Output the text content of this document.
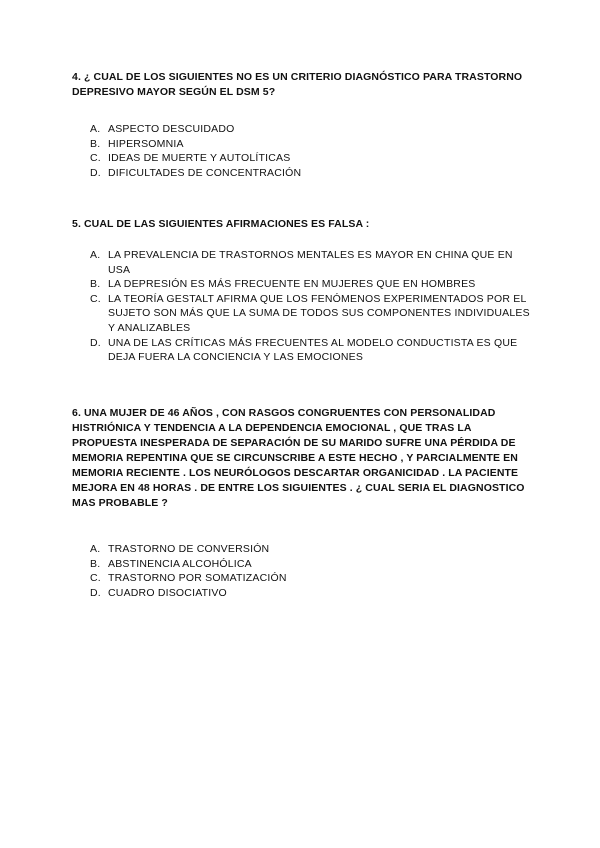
4. ¿ CUAL DE LOS SIGUIENTES NO ES UN CRITERIO DIAGNÓSTICO PARA TRASTORNO DEPRESIVO MAYOR SEGÚN EL DSM 5?

A. ASPECTO DESCUIDADO
B. HIPERSOMNIA
C. IDEAS DE MUERTE Y AUTOLÍTICAS
D. DIFICULTADES DE CONCENTRACIÓN

5. CUAL DE LAS SIGUIENTES AFIRMACIONES ES FALSA :

A. LA PREVALENCIA DE TRASTORNOS MENTALES ES MAYOR EN CHINA QUE EN USA
B. LA DEPRESIÓN ES MÁS FRECUENTE EN MUJERES QUE EN HOMBRES
C. LA TEORÍA GESTALT AFIRMA QUE LOS FENÓMENOS EXPERIMENTADOS POR EL SUJETO SON MÁS QUE LA SUMA DE TODOS SUS COMPONENTES INDIVIDUALES Y ANALIZABLES
D. UNA DE LAS CRÍTICAS MÁS FRECUENTES AL MODELO CONDUCTISTA ES QUE DEJA FUERA LA CONCIENCIA Y LAS EMOCIONES

6. UNA MUJER DE 46 AÑOS , CON RASGOS CONGRUENTES CON PERSONALIDAD HISTRIÓNICA Y TENDENCIA A LA DEPENDENCIA EMOCIONAL , QUE TRAS LA PROPUESTA INESPERADA DE SEPARACIÓN DE SU MARIDO SUFRE UNA PÉRDIDA DE MEMORIA REPENTINA QUE SE CIRCUNSCRIBE A ESTE HECHO , Y PARCIALMENTE EN MEMORIA RECIENTE . LOS NEURÓLOGOS DESCARTAR ORGANICIDAD . LA PACIENTE MEJORA EN 48 HORAS . DE ENTRE LOS SIGUIENTES . ¿ CUAL SERIA EL DIAGNOSTICO MAS PROBABLE ?

A. TRASTORNO DE CONVERSIÓN
B. ABSTINENCIA ALCOHÓLICA
C. TRASTORNO POR SOMATIZACIÓN
D. CUADRO DISOCIATIVO
